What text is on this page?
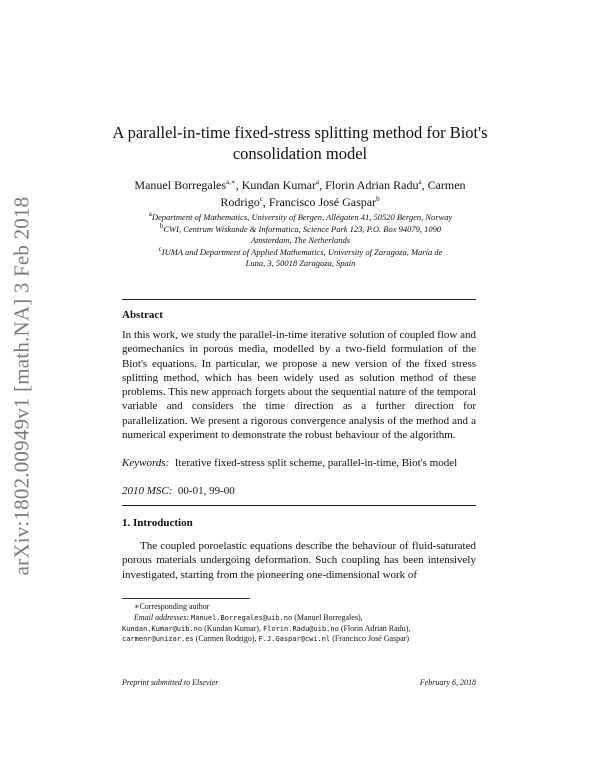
arXiv:1802.00949v1 [math.NA] 3 Feb 2018
A parallel-in-time fixed-stress splitting method for Biot's
consolidation model
Manuel Borregales$^{a,∗}$, Kundan Kumar$^a$, Florin Adrian Radu$^a$, Carmen Rodrigo$^c$, Francisco José Gaspar$^b$
$^a$Department of Mathematics, University of Bergen, Allégaten 41, 50520 Bergen, Norway
$^b$CWI, Centrum Wiskunde & Informatica, Science Park 123, P.O. Box 94079, 1090
Amsterdam, The Netherlands
$^c$IUMA and Department of Applied Mathematics, University of Zaragoza, María de
Luna, 3, 50018 Zaragoza, Spain
Abstract
In this work, we study the parallel-in-time iterative solution of coupled flow and geomechanics in porous media, modelled by a two-field formulation of the Biot's equations. In particular, we propose a new version of the fixed stress splitting method, which has been widely used as solution method of these problems. This new approach forgets about the sequential nature of the temporal variable and considers the time direction as a further direction for parallelization. We present a rigorous convergence analysis of the method and a numerical experiment to demonstrate the robust behaviour of the algorithm.
Keywords: Iterative fixed-stress split scheme, parallel-in-time, Biot's model
2010 MSC: 00-01, 99-00
1. Introduction
The coupled poroelastic equations describe the behaviour of fluid-saturated porous materials undergoing deformation. Such coupling has been intensively investigated, starting from the pioneering one-dimensional work of
∗Corresponding author
Email addresses: Manuel.Borregales@uib.no (Manuel Borregales),
Kundan.Kumar@uib.no (Kundan Kumar), Florin.Radu@uib.no (Florin Adrian Radu),
carmenr@unizar.es (Carmen Rodrigo), F.J.Gaspar@cwi.nl (Francisco José Gaspar)
Preprint submitted to Elsevier	February 6, 2018
